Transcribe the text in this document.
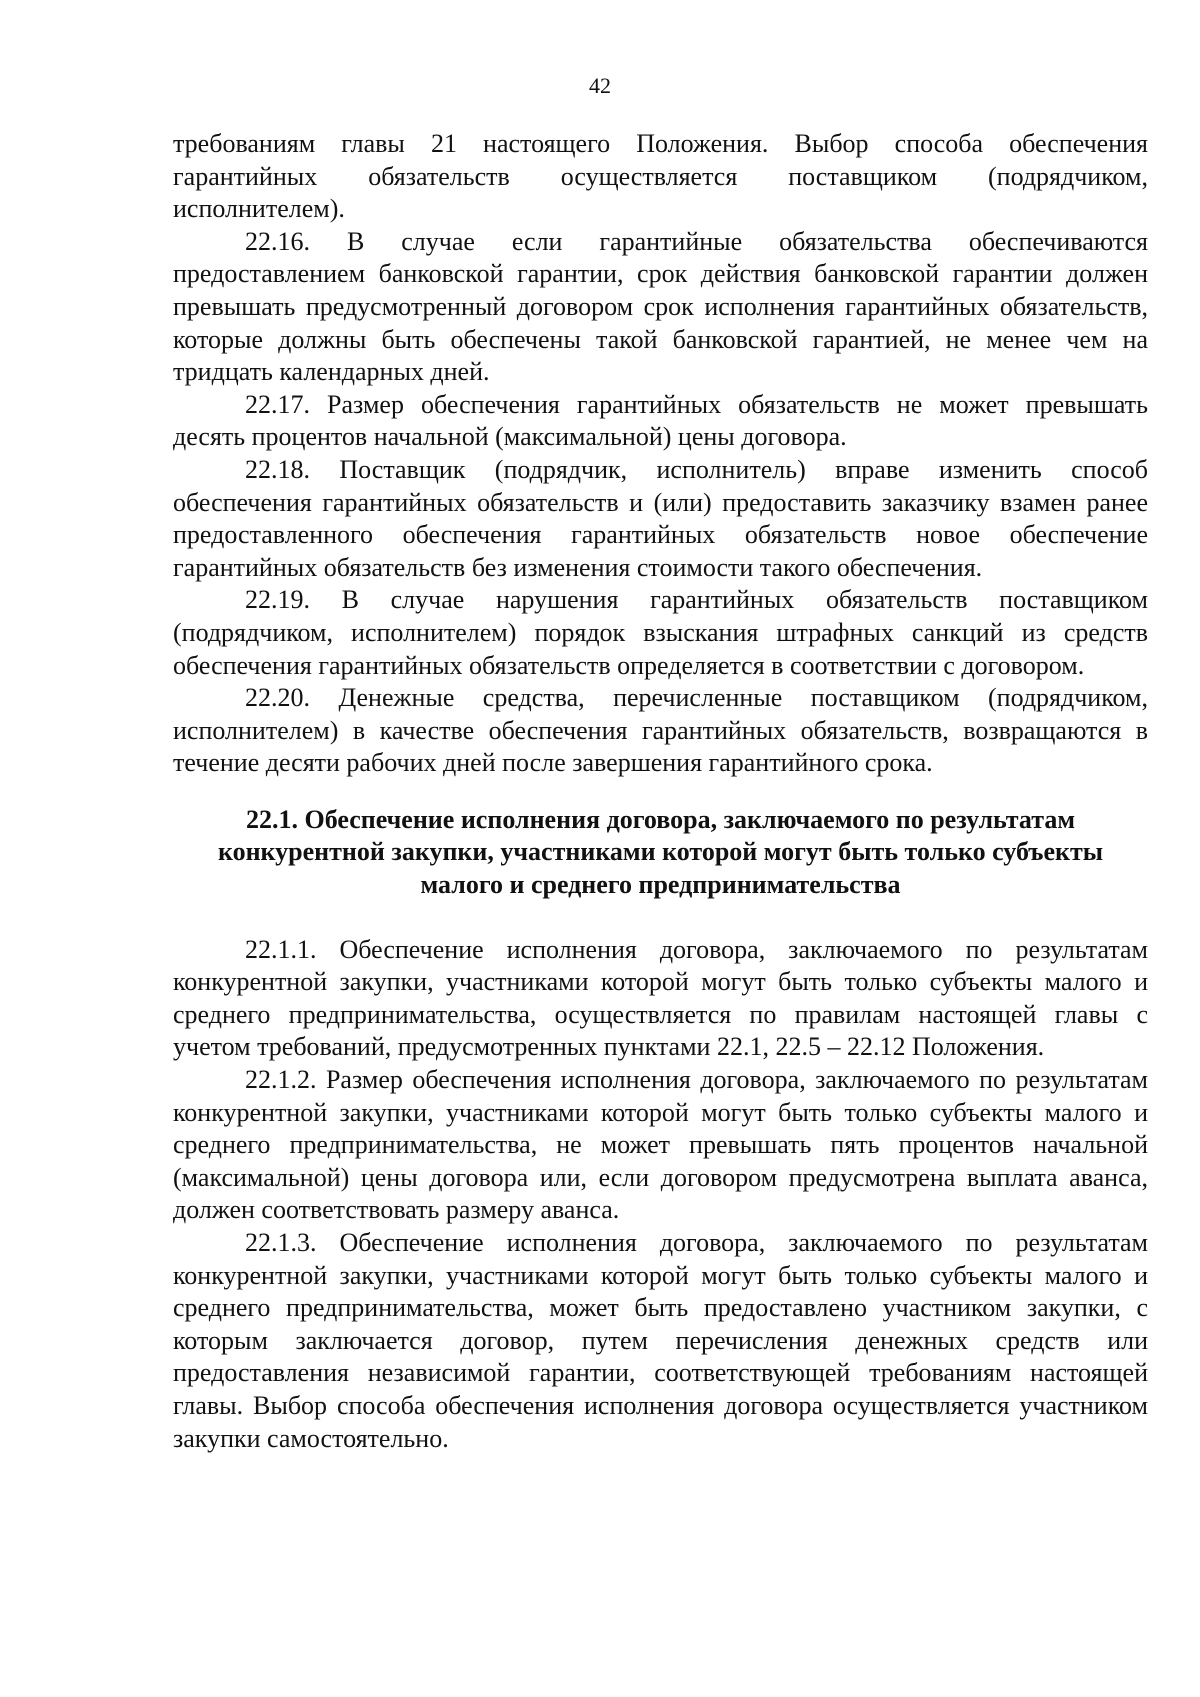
42

требованиям главы 21 настоящего Положения. Выбор способа обеспечения гарантийных обязательств осуществляется поставщиком (подрядчиком, исполнителем).

22.16. В случае если гарантийные обязательства обеспечиваются предоставлением банковской гарантии, срок действия банковской гарантии должен превышать предусмотренный договором срок исполнения гарантийных обязательств, которые должны быть обеспечены такой банковской гарантией, не менее чем на тридцать календарных дней.

22.17. Размер обеспечения гарантийных обязательств не может превышать десять процентов начальной (максимальной) цены договора.

22.18. Поставщик (подрядчик, исполнитель) вправе изменить способ обеспечения гарантийных обязательств и (или) предоставить заказчику взамен ранее предоставленного обеспечения гарантийных обязательств новое обеспечение гарантийных обязательств без изменения стоимости такого обеспечения.

22.19. В случае нарушения гарантийных обязательств поставщиком (подрядчиком, исполнителем) порядок взыскания штрафных санкций из средств обеспечения гарантийных обязательств определяется в соответствии с договором.

22.20. Денежные средства, перечисленные поставщиком (подрядчиком, исполнителем) в качестве обеспечения гарантийных обязательств, возвращаются в течение десяти рабочих дней после завершения гарантийного срока.

22.1. Обеспечение исполнения договора, заключаемого по результатам
конкурентной закупки, участниками которой могут быть только субъекты
малого и среднего предпринимательства

22.1.1. Обеспечение исполнения договора, заключаемого по результатам конкурентной закупки, участниками которой могут быть только субъекты малого и среднего предпринимательства, осуществляется по правилам настоящей главы с учетом требований, предусмотренных пунктами 22.1, 22.5 – 22.12 Положения.

22.1.2. Размер обеспечения исполнения договора, заключаемого по результатам конкурентной закупки, участниками которой могут быть только субъекты малого и среднего предпринимательства, не может превышать пять процентов начальной (максимальной) цены договора или, если договором предусмотрена выплата аванса, должен соответствовать размеру аванса.

22.1.3. Обеспечение исполнения договора, заключаемого по результатам конкурентной закупки, участниками которой могут быть только субъекты малого и среднего предпринимательства, может быть предоставлено участником закупки, с которым заключается договор, путем перечисления денежных средств или предоставления независимой гарантии, соответствующей требованиям настоящей главы. Выбор способа обеспечения исполнения договора осуществляется участником закупки самостоятельно.
